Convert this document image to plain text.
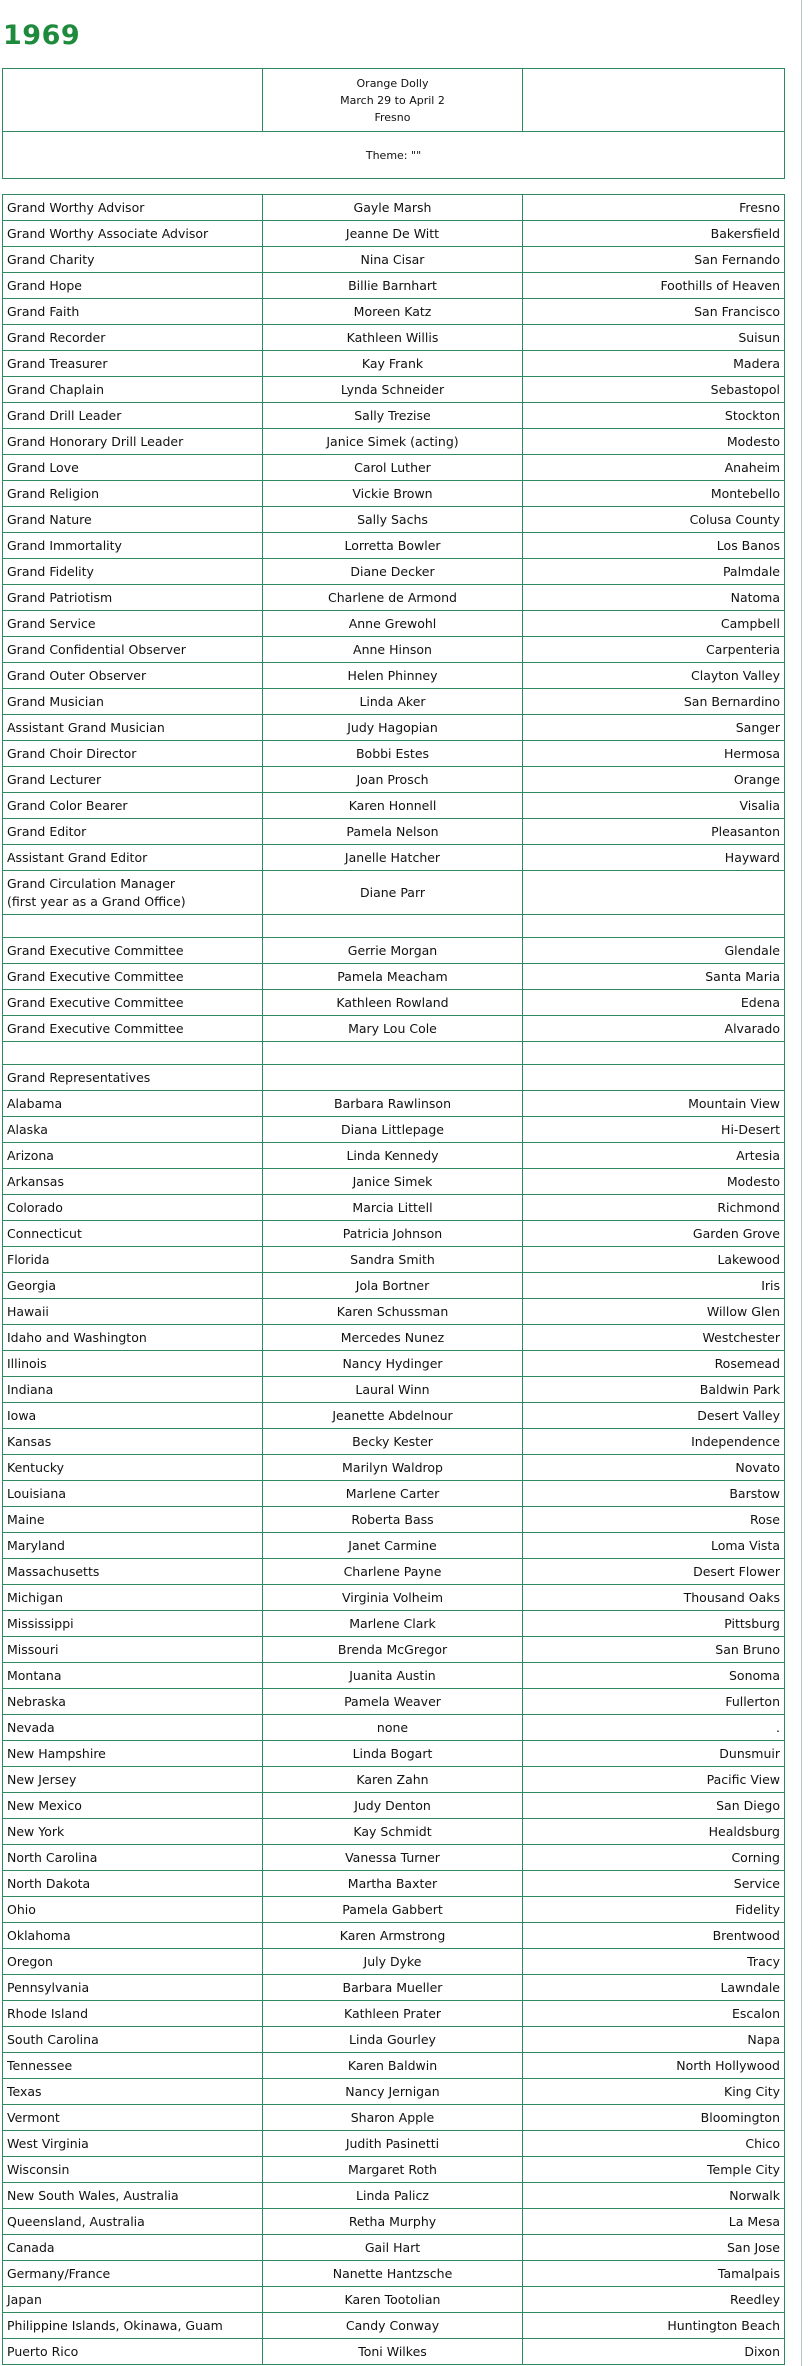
1969

Orange Dolly
March 29 to April 2
Fresno

Theme: ""
Grand Worthy Advisor	Gayle Marsh	Fresno
Grand Worthy Associate Advisor	Jeanne De Witt	Bakersfield
Grand Charity	Nina Cisar	San Fernando
Grand Hope	Billie Barnhart	Foothills of Heaven
Grand Faith	Moreen Katz	San Francisco
Grand Recorder	Kathleen Willis	Suisun
Grand Treasurer	Kay Frank	Madera
Grand Chaplain	Lynda Schneider	Sebastopol
Grand Drill Leader	Sally Trezise	Stockton
Grand Honorary Drill Leader	Janice Simek (acting)	Modesto
Grand Love	Carol Luther	Anaheim
Grand Religion	Vickie Brown	Montebello
Grand Nature	Sally Sachs	Colusa County
Grand Immortality	Lorretta Bowler	Los Banos
Grand Fidelity	Diane Decker	Palmdale
Grand Patriotism	Charlene de Armond	Natoma
Grand Service	Anne Grewohl	Campbell
Grand Confidential Observer	Anne Hinson	Carpenteria
Grand Outer Observer	Helen Phinney	Clayton Valley
Grand Musician	Linda Aker	San Bernardino
Assistant Grand Musician	Judy Hagopian	Sanger
Grand Choir Director	Bobbi Estes	Hermosa
Grand Lecturer	Joan Prosch	Orange
Grand Color Bearer	Karen Honnell	Visalia
Grand Editor	Pamela Nelson	Pleasanton
Assistant Grand Editor	Janelle Hatcher	Hayward

Grand Circulation Manager
(first year as a Grand Office)	Diane Parr	

Grand Executive Committee	Gerrie Morgan	Glendale
Grand Executive Committee	Pamela Meacham	Santa Maria
Grand Executive Committee	Kathleen Rowland	Edena
Grand Executive Committee	Mary Lou Cole	Alvarado

Grand Representatives		
Alabama	Barbara Rawlinson	Mountain View
Alaska	Diana Littlepage	Hi-Desert
Arizona	Linda Kennedy	Artesia
Arkansas	Janice Simek	Modesto
Colorado	Marcia Littell	Richmond
Connecticut	Patricia Johnson	Garden Grove
Florida	Sandra Smith	Lakewood
Georgia	Jola Bortner	Iris
Hawaii	Karen Schussman	Willow Glen
Idaho and Washington	Mercedes Nunez	Westchester
Illinois	Nancy Hydinger	Rosemead
Indiana	Laural Winn	Baldwin Park
Iowa	Jeanette Abdelnour	Desert Valley
Kansas	Becky Kester	Independence
Kentucky	Marilyn Waldrop	Novato
Louisiana	Marlene Carter	Barstow
Maine	Roberta Bass	Rose
Maryland	Janet Carmine	Loma Vista
Massachusetts	Charlene Payne	Desert Flower
Michigan	Virginia Volheim	Thousand Oaks
Mississippi	Marlene Clark	Pittsburg
Missouri	Brenda McGregor	San Bruno
Montana	Juanita Austin	Sonoma
Nebraska	Pamela Weaver	Fullerton
Nevada	none	.
New Hampshire	Linda Bogart	Dunsmuir
New Jersey	Karen Zahn	Pacific View
New Mexico	Judy Denton	San Diego
New York	Kay Schmidt	Healdsburg
North Carolina	Vanessa Turner	Corning
North Dakota	Martha Baxter	Service
Ohio	Pamela Gabbert	Fidelity
Oklahoma	Karen Armstrong	Brentwood
Oregon	July Dyke	Tracy
Pennsylvania	Barbara Mueller	Lawndale
Rhode Island	Kathleen Prater	Escalon
South Carolina	Linda Gourley	Napa
Tennessee	Karen Baldwin	North Hollywood
Texas	Nancy Jernigan	King City
Vermont	Sharon Apple	Bloomington
West Virginia	Judith Pasinetti	Chico
Wisconsin	Margaret Roth	Temple City
New South Wales, Australia	Linda Palicz	Norwalk
Queensland, Australia	Retha Murphy	La Mesa
Canada	Gail Hart	San Jose
Germany/France	Nanette Hantzsche	Tamalpais
Japan	Karen Tootolian	Reedley
Philippine Islands, Okinawa, Guam	Candy Conway	Huntington Beach
Puerto Rico	Toni Wilkes	Dixon
